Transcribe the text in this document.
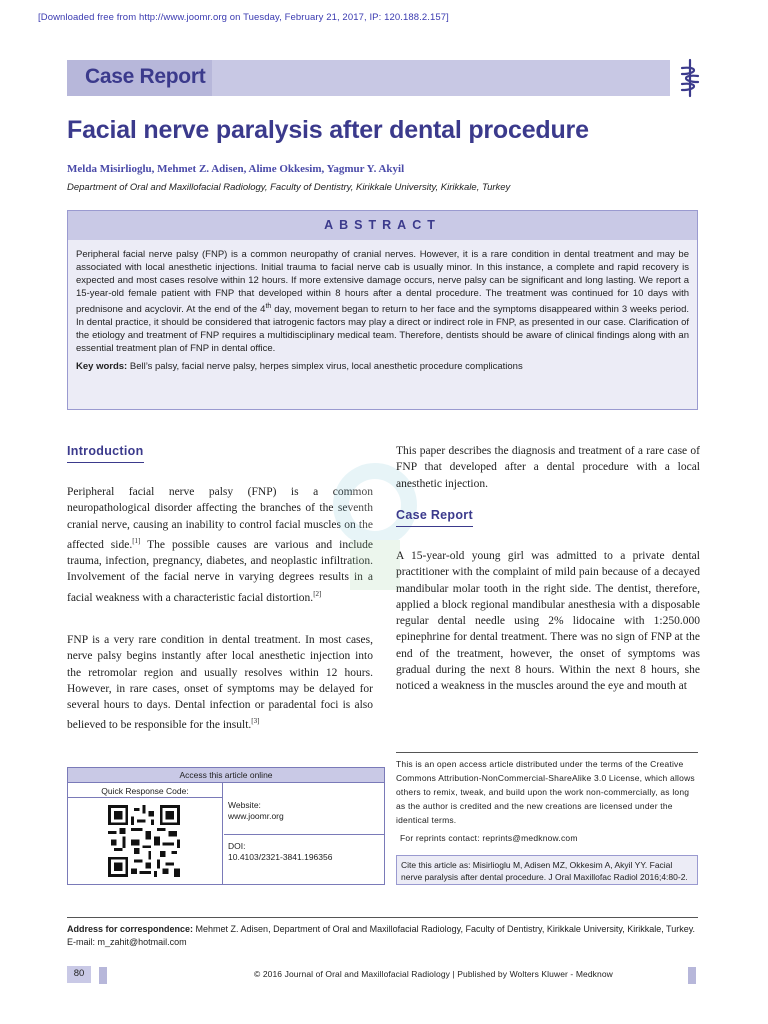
[Downloaded free from http://www.joomr.org on Tuesday, February 21, 2017, IP: 120.188.2.157]
Case Report
Facial nerve paralysis after dental procedure
Melda Misirlioglu, Mehmet Z. Adisen, Alime Okkesim, Yagmur Y. Akyil
Department of Oral and Maxillofacial Radiology, Faculty of Dentistry, Kirikkale University, Kirikkale, Turkey
ABSTRACT
Peripheral facial nerve palsy (FNP) is a common neuropathy of cranial nerves. However, it is a rare condition in dental treatment and may be associated with local anesthetic injections. Initial trauma to facial nerve cab is usually minor. In this instance, a complete and rapid recovery is expected and most cases resolve within 12 hours. If more extensive damage occurs, nerve palsy can be significant and long lasting. We report a 15-year-old female patient with FNP that developed within 8 hours after a dental procedure. The treatment was continued for 10 days with prednisone and acyclovir. At the end of the 4th day, movement began to return to her face and the symptoms disappeared within 3 weeks period. In dental practice, it should be considered that iatrogenic factors may play a direct or indirect role in FNP, as presented in our case. Clarification of the etiology and treatment of FNP requires a multidisciplinary medical team. Therefore, dentists should be aware of clinical findings along with an essential treatment plan of FNP in dental office.
Key words: Bell’s palsy, facial nerve palsy, herpes simplex virus, local anesthetic procedure complications
Introduction
Peripheral facial nerve palsy (FNP) is a common neuropathological disorder affecting the branches of the seventh cranial nerve, causing an inability to control facial muscles on the affected side.[1] The possible causes are various and include trauma, infection, pregnancy, diabetes, and neoplastic infiltration. Involvement of the facial nerve in varying degrees results in a facial weakness with a characteristic facial distortion.[2]
FNP is a very rare condition in dental treatment. In most cases, nerve palsy begins instantly after local anesthetic injection into the retromolar region and usually resolves within 12 hours. However, in rare cases, onset of symptoms may be delayed for several hours to days. Dental infection or paradental foci is also believed to be responsible for the insult.[3]
This paper describes the diagnosis and treatment of a rare case of FNP that developed after a dental procedure with a local anesthetic injection.
Case Report
A 15-year-old young girl was admitted to a private dental practitioner with the complaint of mild pain because of a decayed mandibular molar tooth in the right side. The dentist, therefore, applied a block regional mandibular anesthesia with a disposable regular dental needle using 2% lidocaine with 1:250.000 epinephrine for dental treatment. There was no sign of FNP at the end of the treatment, however, the onset of symptoms was gradual during the next 8 hours. Within the next 8 hours, she noticed a weakness in the muscles around the eye and mouth at
Access this article online
Quick Response Code:
Website:
www.joomr.org
DOI:
10.4103/2321-3841.196356
This is an open access article distributed under the terms of the Creative Commons Attribution-NonCommercial-ShareAlike 3.0 License, which allows others to remix, tweak, and build upon the work non-commercially, as long as the author is credited and the new creations are licensed under the identical terms.
For reprints contact: reprints@medknow.com
Cite this article as: Misirlioglu M, Adisen MZ, Okkesim A, Akyil YY. Facial nerve paralysis after dental procedure. J Oral Maxillofac Radiol 2016;4:80-2.
Address for correspondence: Mehmet Z. Adisen, Department of Oral and Maxillofacial Radiology, Faculty of Dentistry, Kirikkale University, Kirikkale, Turkey. E-mail: m_zahit@hotmail.com
80	© 2016 Journal of Oral and Maxillofacial Radiology | Published by Wolters Kluwer - Medknow
